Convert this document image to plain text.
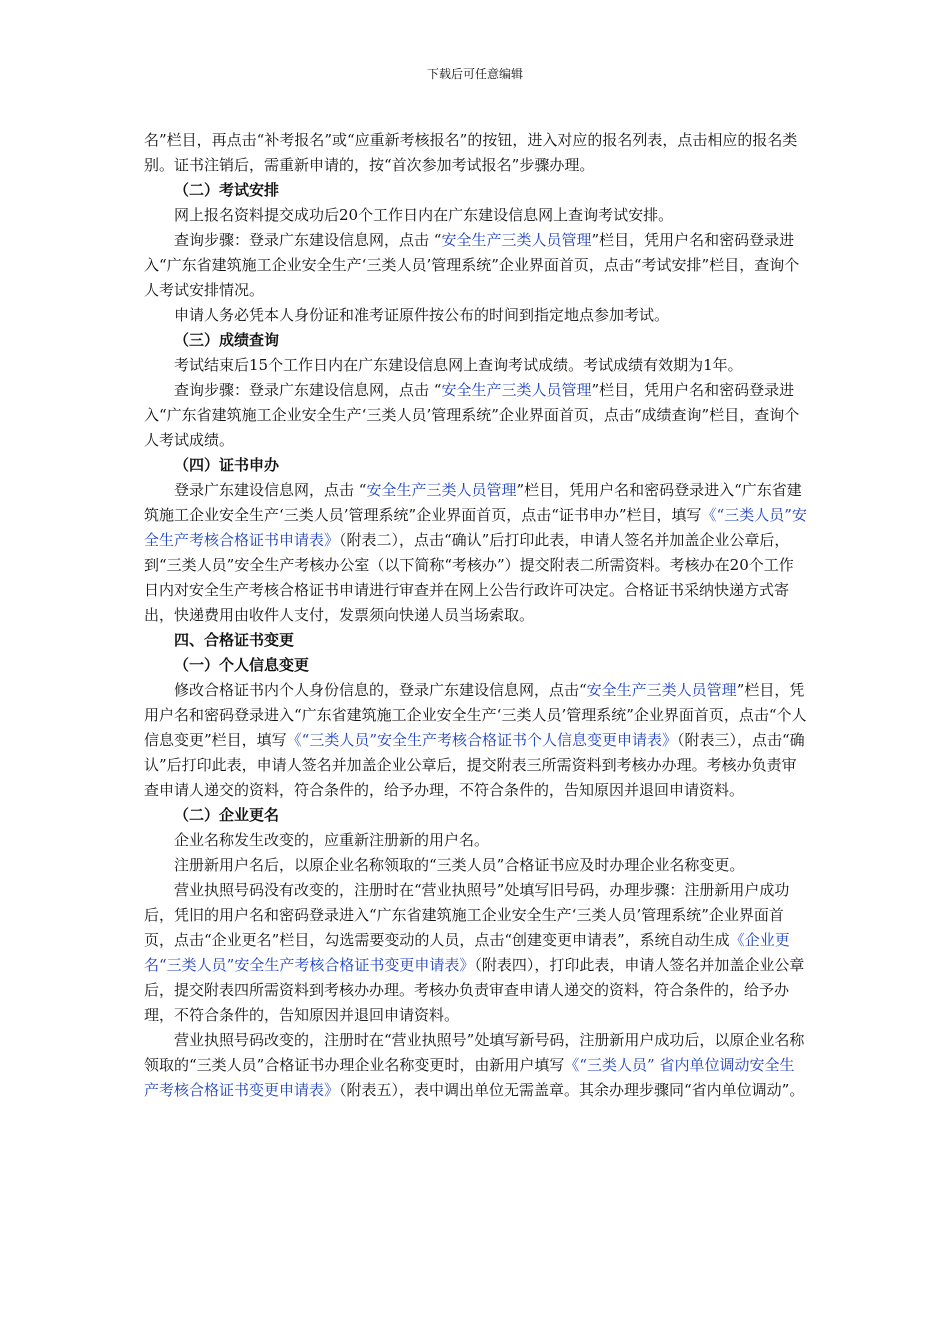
下载后可任意编辑

名”栏目，再点击“补考报名”或“应重新考核报名”的按钮，进入对应的报名列表，点击相应的报名类别。证书注销后，需重新申请的，按“首次参加考试报名”步骤办理。

（二）考试安排

网上报名资料提交成功后20个工作日内在广东建设信息网上查询考试安排。

查询步骤：登录广东建设信息网，点击 “安全生产三类人员管理”栏目，凭用户名和密码登录进入“广东省建筑施工企业安全生产‘三类人员’管理系统”企业界面首页，点击“考试安排”栏目，查询个人考试安排情况。

申请人务必凭本人身份证和准考证原件按公布的时间到指定地点参加考试。

（三）成绩查询

考试结束后15个工作日内在广东建设信息网上查询考试成绩。考试成绩有效期为1年。

查询步骤：登录广东建设信息网，点击 “安全生产三类人员管理”栏目，凭用户名和密码登录进入“广东省建筑施工企业安全生产‘三类人员’管理系统”企业界面首页，点击“成绩查询”栏目，查询个人考试成绩。

（四）证书申办

登录广东建设信息网，点击 “安全生产三类人员管理”栏目，凭用户名和密码登录进入“广东省建筑施工企业安全生产‘三类人员’管理系统”企业界面首页，点击“证书申办”栏目，填写《“三类人员”安全生产考核合格证书申请表》（附表二），点击“确认”后打印此表，申请人签名并加盖企业公章后，到“三类人员”安全生产考核办公室（以下简称“考核办”）提交附表二所需资料。考核办在20个工作日内对安全生产考核合格证书申请进行审查并在网上公告行政许可决定。合格证书采纳快递方式寄出，快递费用由收件人支付，发票须向快递人员当场索取。

四、合格证书变更

（一）个人信息变更

修改合格证书内个人身份信息的，登录广东建设信息网，点击“安全生产三类人员管理”栏目，凭用户名和密码登录进入“广东省建筑施工企业安全生产‘三类人员’管理系统”企业界面首页，点击“个人信息变更”栏目，填写《“三类人员”安全生产考核合格证书个人信息变更申请表》（附表三），点击“确认”后打印此表，申请人签名并加盖企业公章后，提交附表三所需资料到考核办办理。考核办负责审查申请人递交的资料，符合条件的，给予办理，不符合条件的，告知原因并退回申请资料。

（二）企业更名

企业名称发生改变的，应重新注册新的用户名。

注册新用户名后，以原企业名称领取的“三类人员”合格证书应及时办理企业名称变更。

营业执照号码没有改变的，注册时在“营业执照号”处填写旧号码，办理步骤：注册新用户成功后，凭旧的用户名和密码登录进入“广东省建筑施工企业安全生产‘三类人员’管理系统”企业界面首页，点击“企业更名”栏目，勾选需要变动的人员，点击“创建变更申请表”，系统自动生成《企业更名“三类人员”安全生产考核合格证书变更申请表》（附表四），打印此表，申请人签名并加盖企业公章后，提交附表四所需资料到考核办办理。考核办负责审查申请人递交的资料，符合条件的，给予办理，不符合条件的，告知原因并退回申请资料。

营业执照号码改变的，注册时在“营业执照号”处填写新号码，注册新用户成功后，以原企业名称领取的“三类人员”合格证书办理企业名称变更时，由新用户填写《“三类人员” 省内单位调动安全生产考核合格证书变更申请表》（附表五），表中调出单位无需盖章。其余办理步骤同“省内单位调动”。
